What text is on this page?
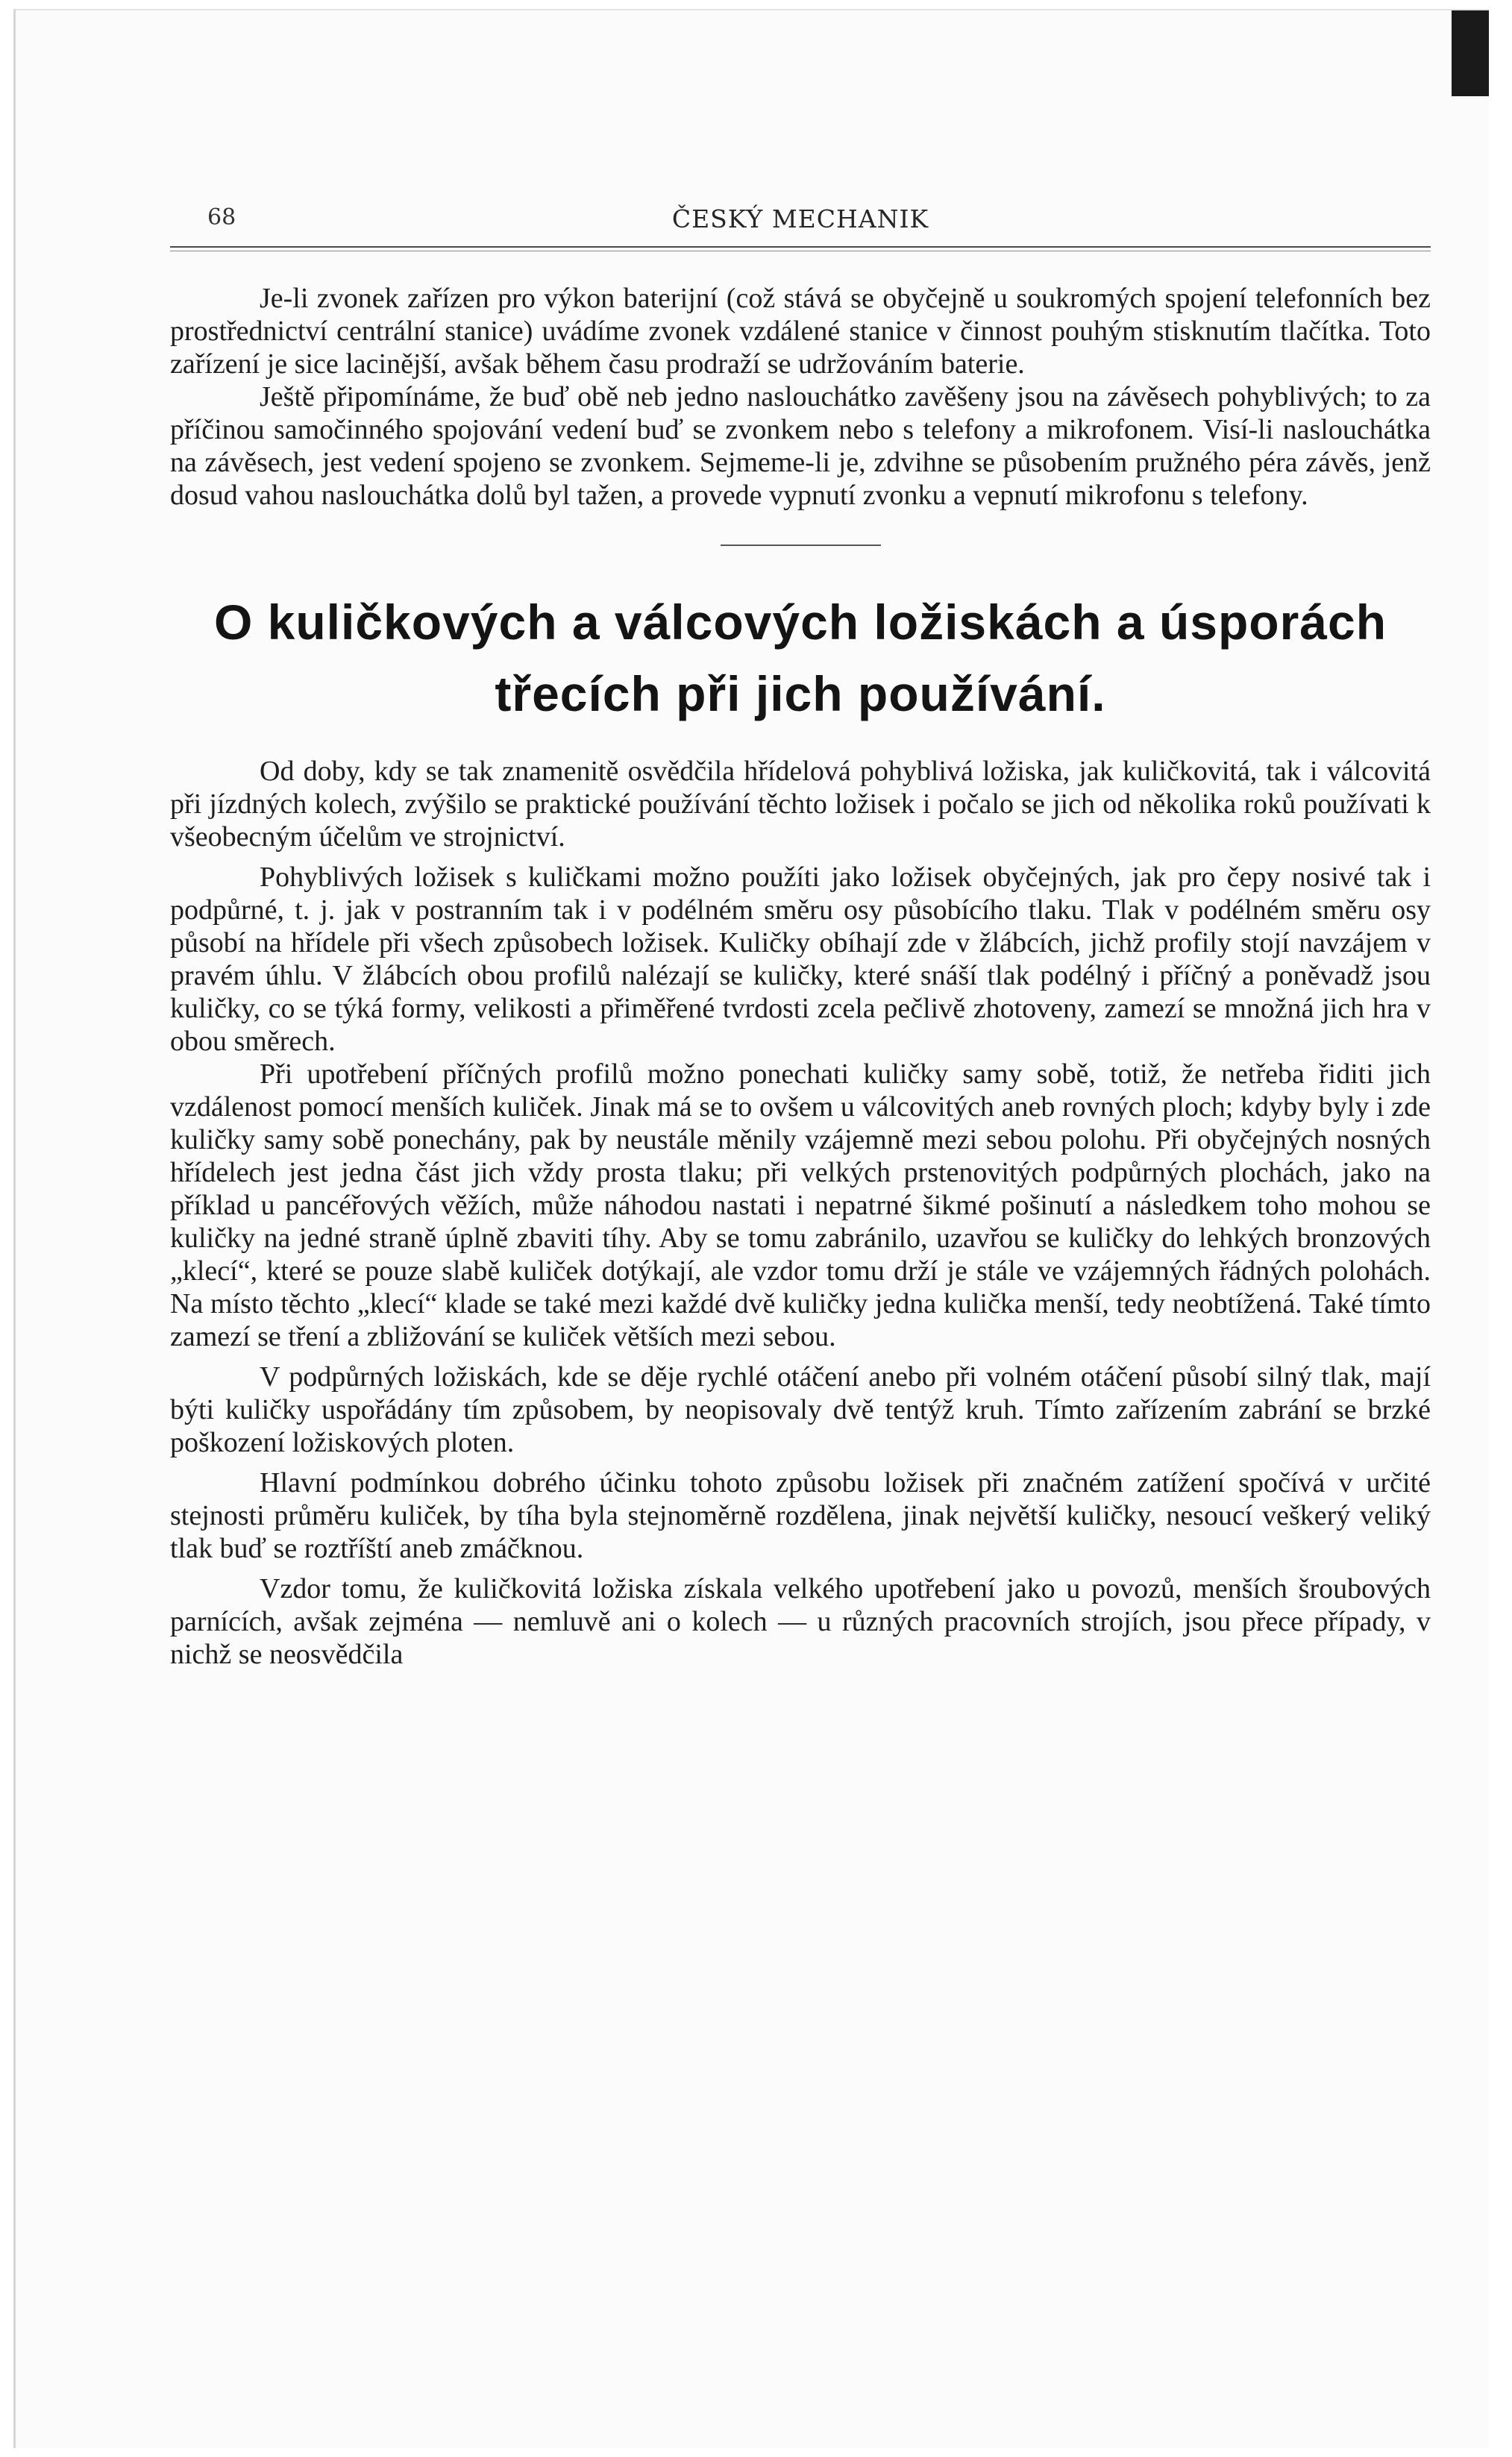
68	ČESKÝ MECHANIK

Je-li zvonek zařízen pro výkon baterijní (což stává se obyčejně u soukromých spojení telefonních bez prostřednictví centrální stanice) uvádíme zvonek vzdálené stanice v činnost pouhým stisknutím tlačítka. Toto zařízení je sice lacinější, avšak během času prodraží se udržováním baterie.

Ještě připomínáme, že buď obě neb jedno naslouchátko zavěšeny jsou na závěsech pohyblivých; to za příčinou samočinného spojování vedení buď se zvonkem nebo s telefony a mikrofonem. Visí-li naslouchátka na závěsech, jest vedení spojeno se zvonkem. Sejmeme-li je, zdvihne se působením pružného péra závěs, jenž dosud vahou naslouchátka dolů byl tažen, a provede vypnutí zvonku a vepnutí mikrofonu s telefony.

O kuličkových a válcových ložiskách a úsporách
třecích při jich používání.

Od doby, kdy se tak znamenitě osvědčila hřídelová pohyblivá ložiska, jak kuličkovitá, tak i válcovitá při jízdných kolech, zvýšilo se praktické používání těchto ložisek i počalo se jich od několika roků používati k všeobecným účelům ve strojnictví.

Pohyblivých ložisek s kuličkami možno použíti jako ložisek obyčejných, jak pro čepy nosivé tak i podpůrné, t. j. jak v postranním tak i v podélném směru osy působícího tlaku. Tlak v podélném směru osy působí na hřídele při všech způsobech ložisek. Kuličky obíhají zde v žlábcích, jichž profily stojí navzájem v pravém úhlu. V žlábcích obou profilů nalézají se kuličky, které snáší tlak podélný i příčný a poněvadž jsou kuličky, co se týká formy, velikosti a přiměřené tvrdosti zcela pečlivě zhotoveny, zamezí se množná jich hra v obou směrech.

Při upotřebení příčných profilů možno ponechati kuličky samy sobě, totiž, že netřeba řiditi jich vzdálenost pomocí menších kuliček. Jinak má se to ovšem u válcovitých aneb rovných ploch; kdyby byly i zde kuličky samy sobě ponechány, pak by neustále měnily vzájemně mezi sebou polohu. Při obyčejných nosných hřídelech jest jedna část jich vždy prosta tlaku; při velkých prstenovitých podpůrných plochách, jako na příklad u pancéřových věžích, může náhodou nastati i nepatrné šikmé pošinutí a následkem toho mohou se kuličky na jedné straně úplně zbaviti tíhy. Aby se tomu zabránilo, uzavřou se kuličky do lehkých bronzových „klecí“, které se pouze slabě kuliček dotýkají, ale vzdor tomu drží je stále ve vzájemných řádných polohách. Na místo těchto „klecí“ klade se také mezi každé dvě kuličky jedna kulička menší, tedy neobtížená. Také tímto zamezí se tření a zbližování se kuliček větších mezi sebou.

V podpůrných ložiskách, kde se děje rychlé otáčení anebo při volném otáčení působí silný tlak, mají býti kuličky uspořádány tím způsobem, by neopisovaly dvě tentýž kruh. Tímto zařízením zabrání se brzké poškození ložiskových ploten.

Hlavní podmínkou dobrého účinku tohoto způsobu ložisek při značném zatížení spočívá v určité stejnosti průměru kuliček, by tíha byla stejnoměrně rozdělena, jinak největší kuličky, nesoucí veškerý veliký tlak buď se roztříští aneb zmáčknou.

Vzdor tomu, že kuličkovitá ložiska získala velkého upotřebení jako u povozů, menších šroubových parnících, avšak zejména — nemluvě ani o kolech — u různých pracovních strojích, jsou přece případy, v nichž se neosvědčila
